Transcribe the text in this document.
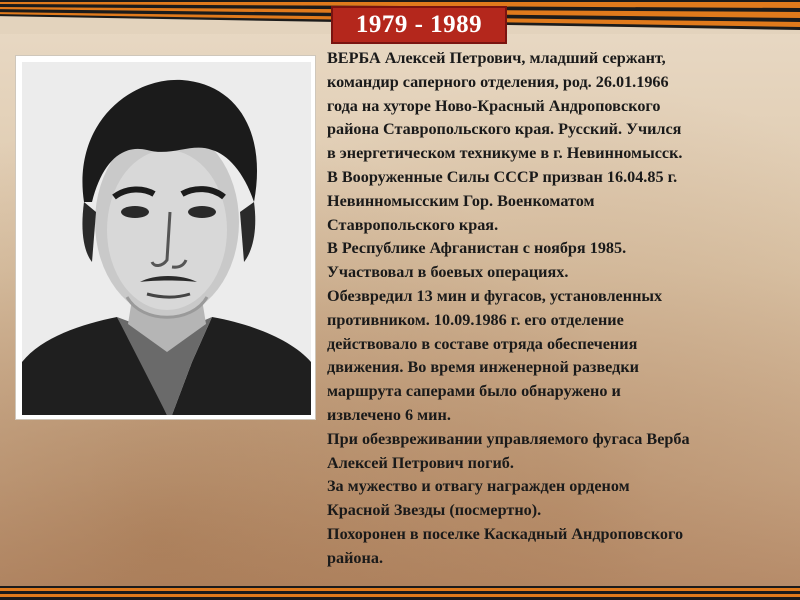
1979 - 1989
ВЕРБА Алексей Петрович, младший сержант,
командир саперного отделения, род. 26.01.1966
года на хуторе Ново-Красный Андроповского
района Ставропольского края. Русский. Учился
в энергетическом техникуме в г. Невинномысск.
В Вооруженные Силы СССР призван 16.04.85 г.
Невинномысским Гор. Военкоматом
Ставропольского края.
В Республике Афганистан с ноября 1985.
Участвовал в боевых операциях.
Обезвредил 13 мин и фугасов, установленных
противником. 10.09.1986 г. его отделение
действовало в составе отряда обеспечения
движения. Во время инженерной разведки
маршрута саперами было обнаружено и
извлечено 6 мин.
При обезвреживании управляемого фугаса Верба
Алексей Петрович погиб.
За мужество и отвагу награжден орденом
Красной Звезды (посмертно).
Похоронен в поселке Каскадный Андроповского
района.
